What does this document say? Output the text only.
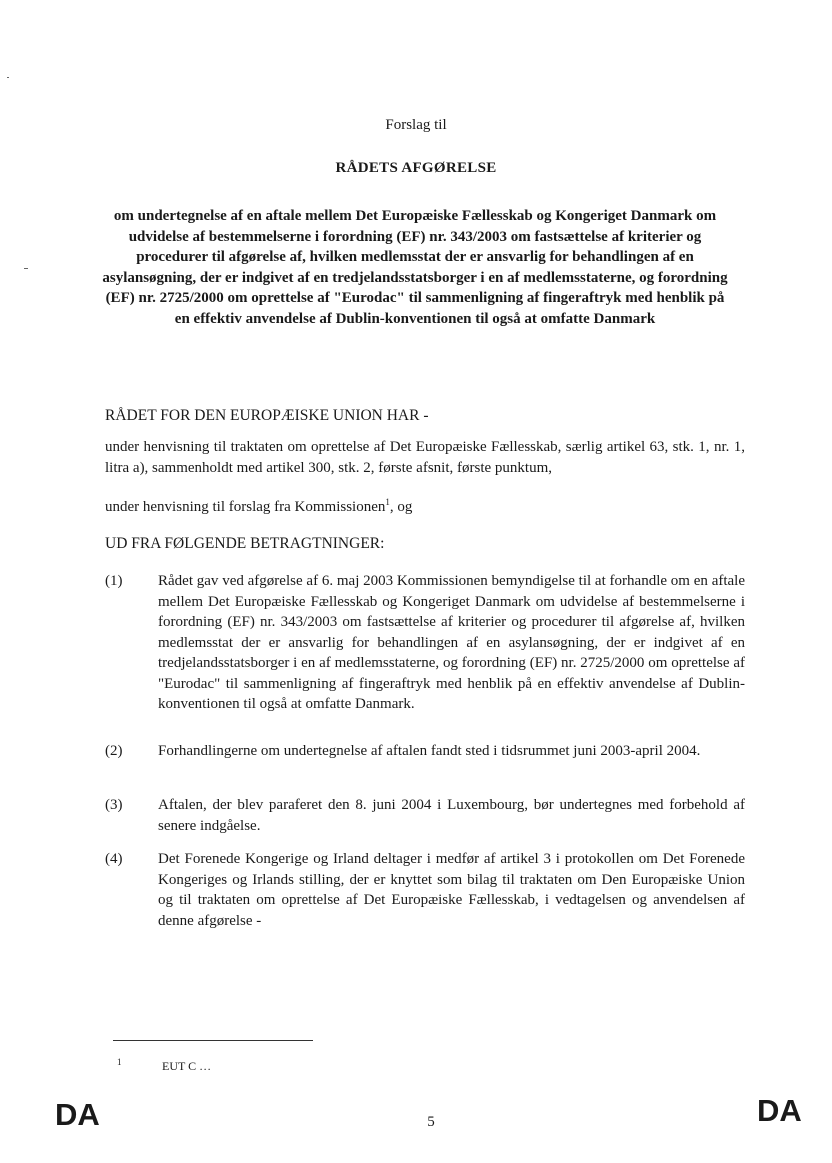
Forslag til
RÅDETS AFGØRELSE
om undertegnelse af en aftale mellem Det Europæiske Fællesskab og Kongeriget Danmark om udvidelse af bestemmelserne i forordning (EF) nr. 343/2003 om fastsættelse af kriterier og procedurer til afgørelse af, hvilken medlemsstat der er ansvarlig for behandlingen af en asylansøgning, der er indgivet af en tredjelandsstatsborger i en af medlemsstaterne, og forordning (EF) nr. 2725/2000 om oprettelse af "Eurodac" til sammenligning af fingeraftryk med henblik på en effektiv anvendelse af Dublin-konventionen til også at omfatte Danmark
RÅDET FOR DEN EUROPÆISKE UNION HAR -
under henvisning til traktaten om oprettelse af Det Europæiske Fællesskab, særlig artikel 63, stk. 1, nr. 1, litra a), sammenholdt med artikel 300, stk. 2, første afsnit, første punktum,
under henvisning til forslag fra Kommissionen$^1$, og
UD FRA FØLGENDE BETRAGTNINGER:
(1)	Rådet gav ved afgørelse af 6. maj 2003 Kommissionen bemyndigelse til at forhandle om en aftale mellem Det Europæiske Fællesskab og Kongeriget Danmark om udvidelse af bestemmelserne i forordning (EF) nr. 343/2003 om fastsættelse af kriterier og procedurer til afgørelse af, hvilken medlemsstat der er ansvarlig for behandlingen af en asylansøgning, der er indgivet af en tredjelandsstatsborger i en af medlemsstaterne, og forordning (EF) nr. 2725/2000 om oprettelse af "Eurodac" til sammenligning af fingeraftryk med henblik på en effektiv anvendelse af Dublin-konventionen til også at omfatte Danmark.
(2)	Forhandlingerne om undertegnelse af aftalen fandt sted i tidsrummet juni 2003-april 2004.
(3)	Aftalen, der blev paraferet den 8. juni 2004 i Luxembourg, bør undertegnes med forbehold af senere indgåelse.
(4)	Det Forenede Kongerige og Irland deltager i medfør af artikel 3 i protokollen om Det Forenede Kongeriges og Irlands stilling, der er knyttet som bilag til traktaten om Den Europæiske Union og til traktaten om oprettelse af Det Europæiske Fællesskab, i vedtagelsen og anvendelsen af denne afgørelse -
1	EUT C …
DA	5	DA
